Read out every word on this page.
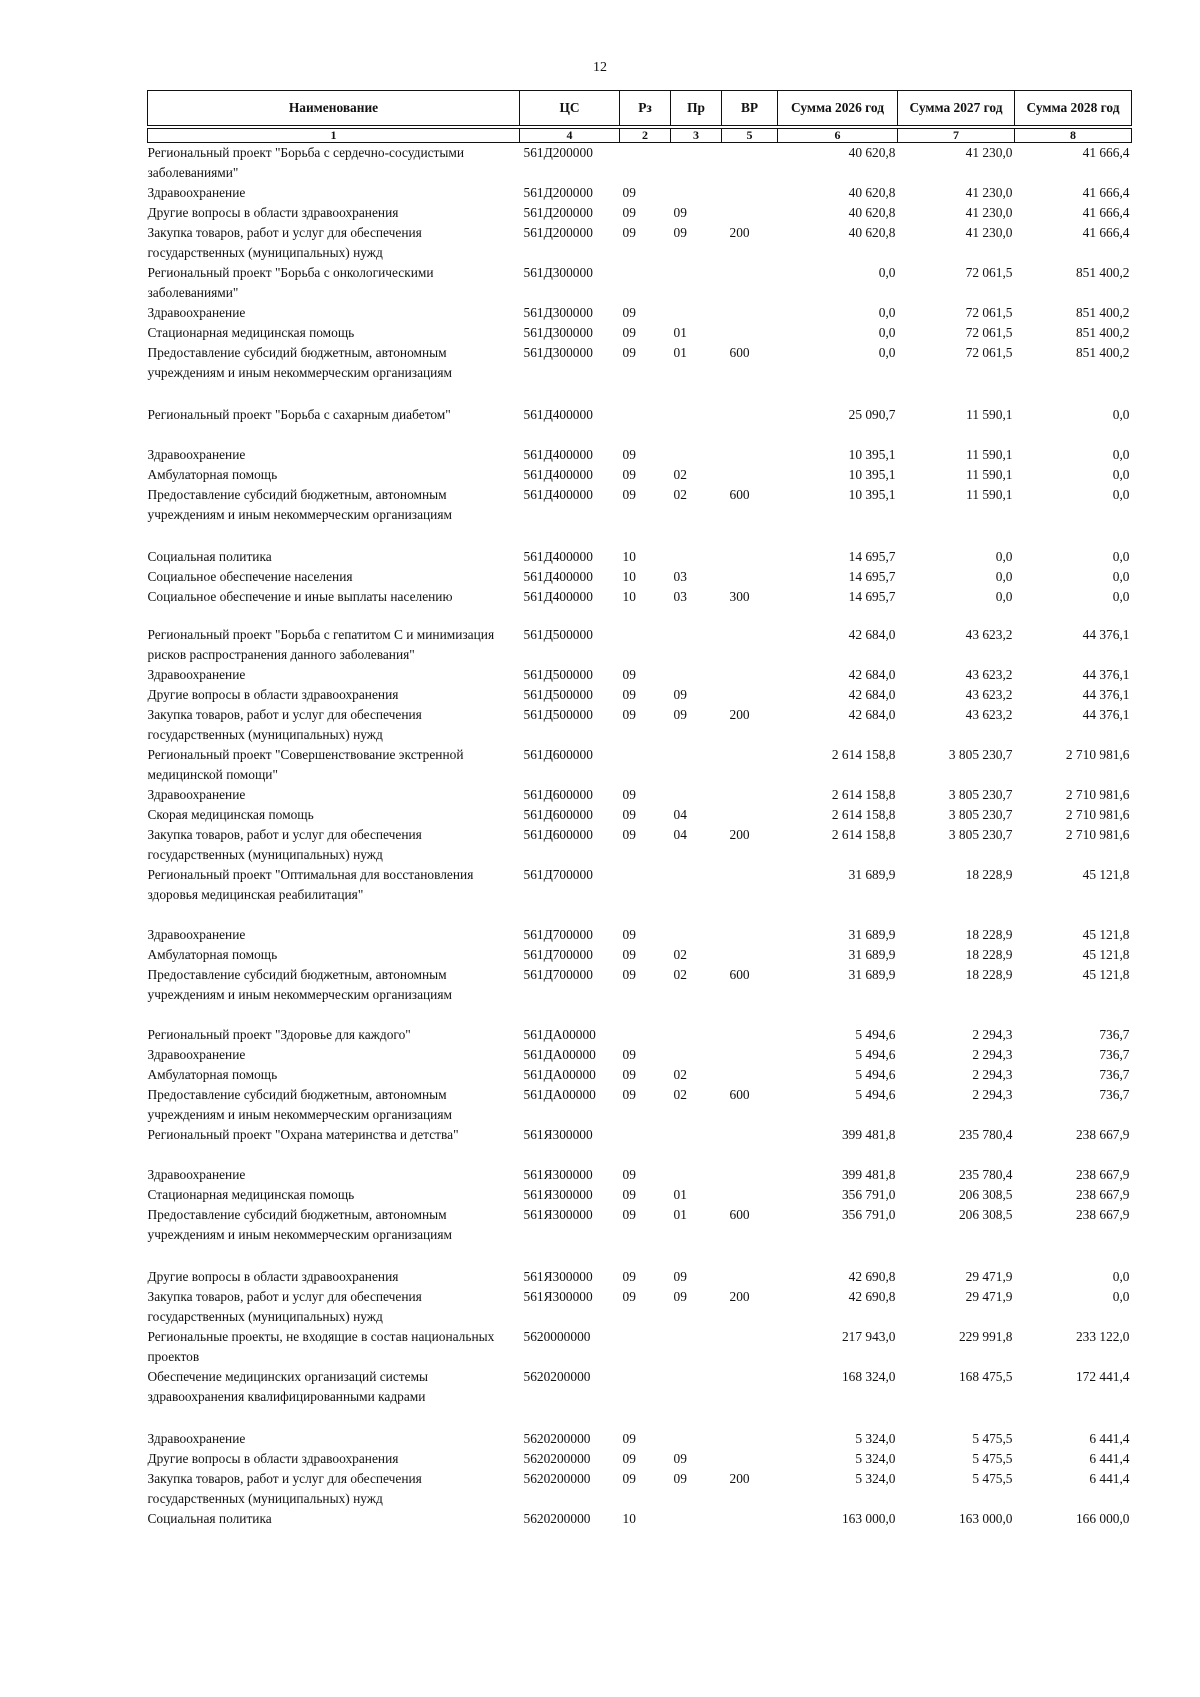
12
Наименование	ЦС	Рз	Пр	ВР	Сумма 2026 год	Сумма 2027 год	Сумма 2028 год

1	4	2	3	5	6	7	8
Региональный проект "Борьба с сердечно-сосудистыми заболеваниями"	561Д200000				40 620,8	41 230,0	41 666,4
Здравоохранение	561Д200000	09			40 620,8	41 230,0	41 666,4
Другие вопросы в области здравоохранения	561Д200000	09	09		40 620,8	41 230,0	41 666,4
Закупка товаров, работ и услуг для обеспечения государственных (муниципальных) нужд	561Д200000	09	09	200	40 620,8	41 230,0	41 666,4
Региональный проект "Борьба с онкологическими заболеваниями"	561Д300000				0,0	72 061,5	851 400,2
Здравоохранение	561Д300000	09			0,0	72 061,5	851 400,2
Стационарная медицинская помощь	561Д300000	09	01		0,0	72 061,5	851 400,2
Предоставление субсидий бюджетным, автономным учреждениям и иным некоммерческим организациям	561Д300000	09	01	600	0,0	72 061,5	851 400,2
Региональный проект "Борьба с сахарным диабетом"	561Д400000				25 090,7	11 590,1	0,0
Здравоохранение	561Д400000	09			10 395,1	11 590,1	0,0
Амбулаторная помощь	561Д400000	09	02		10 395,1	11 590,1	0,0
Предоставление субсидий бюджетным, автономным учреждениям и иным некоммерческим организациям	561Д400000	09	02	600	10 395,1	11 590,1	0,0
Социальная политика	561Д400000	10			14 695,7	0,0	0,0
Социальное обеспечение населения	561Д400000	10	03		14 695,7	0,0	0,0
Социальное обеспечение и иные выплаты населению	561Д400000	10	03	300	14 695,7	0,0	0,0
Региональный проект "Борьба с гепатитом С и минимизация рисков распространения данного заболевания"	561Д500000				42 684,0	43 623,2	44 376,1
Здравоохранение	561Д500000	09			42 684,0	43 623,2	44 376,1
Другие вопросы в области здравоохранения	561Д500000	09	09		42 684,0	43 623,2	44 376,1
Закупка товаров, работ и услуг для обеспечения государственных (муниципальных) нужд	561Д500000	09	09	200	42 684,0	43 623,2	44 376,1
Региональный проект "Совершенствование экстренной медицинской помощи"	561Д600000				2 614 158,8	3 805 230,7	2 710 981,6
Здравоохранение	561Д600000	09			2 614 158,8	3 805 230,7	2 710 981,6
Скорая медицинская помощь	561Д600000	09	04		2 614 158,8	3 805 230,7	2 710 981,6
Закупка товаров, работ и услуг для обеспечения государственных (муниципальных) нужд	561Д600000	09	04	200	2 614 158,8	3 805 230,7	2 710 981,6
Региональный проект "Оптимальная для восстановления здоровья медицинская реабилитация"	561Д700000				31 689,9	18 228,9	45 121,8
Здравоохранение	561Д700000	09			31 689,9	18 228,9	45 121,8
Амбулаторная помощь	561Д700000	09	02		31 689,9	18 228,9	45 121,8
Предоставление субсидий бюджетным, автономным учреждениям и иным некоммерческим организациям	561Д700000	09	02	600	31 689,9	18 228,9	45 121,8
Региональный проект "Здоровье для каждого"	561ДА00000				5 494,6	2 294,3	736,7
Здравоохранение	561ДА00000	09			5 494,6	2 294,3	736,7
Амбулаторная помощь	561ДА00000	09	02		5 494,6	2 294,3	736,7
Предоставление субсидий бюджетным, автономным учреждениям и иным некоммерческим организациям	561ДА00000	09	02	600	5 494,6	2 294,3	736,7
Региональный проект "Охрана материнства и детства"	561Я300000				399 481,8	235 780,4	238 667,9
Здравоохранение	561Я300000	09			399 481,8	235 780,4	238 667,9
Стационарная медицинская помощь	561Я300000	09	01		356 791,0	206 308,5	238 667,9
Предоставление субсидий бюджетным, автономным учреждениям и иным некоммерческим организациям	561Я300000	09	01	600	356 791,0	206 308,5	238 667,9
Другие вопросы в области здравоохранения	561Я300000	09	09		42 690,8	29 471,9	0,0
Закупка товаров, работ и услуг для обеспечения государственных (муниципальных) нужд	561Я300000	09	09	200	42 690,8	29 471,9	0,0
Региональные проекты, не входящие в состав национальных проектов	5620000000				217 943,0	229 991,8	233 122,0
Обеспечение медицинских организаций системы здравоохранения квалифицированными кадрами	5620200000				168 324,0	168 475,5	172 441,4
Здравоохранение	5620200000	09			5 324,0	5 475,5	6 441,4
Другие вопросы в области здравоохранения	5620200000	09	09		5 324,0	5 475,5	6 441,4
Закупка товаров, работ и услуг для обеспечения государственных (муниципальных) нужд	5620200000	09	09	200	5 324,0	5 475,5	6 441,4
Социальная политика	5620200000	10			163 000,0	163 000,0	166 000,0
